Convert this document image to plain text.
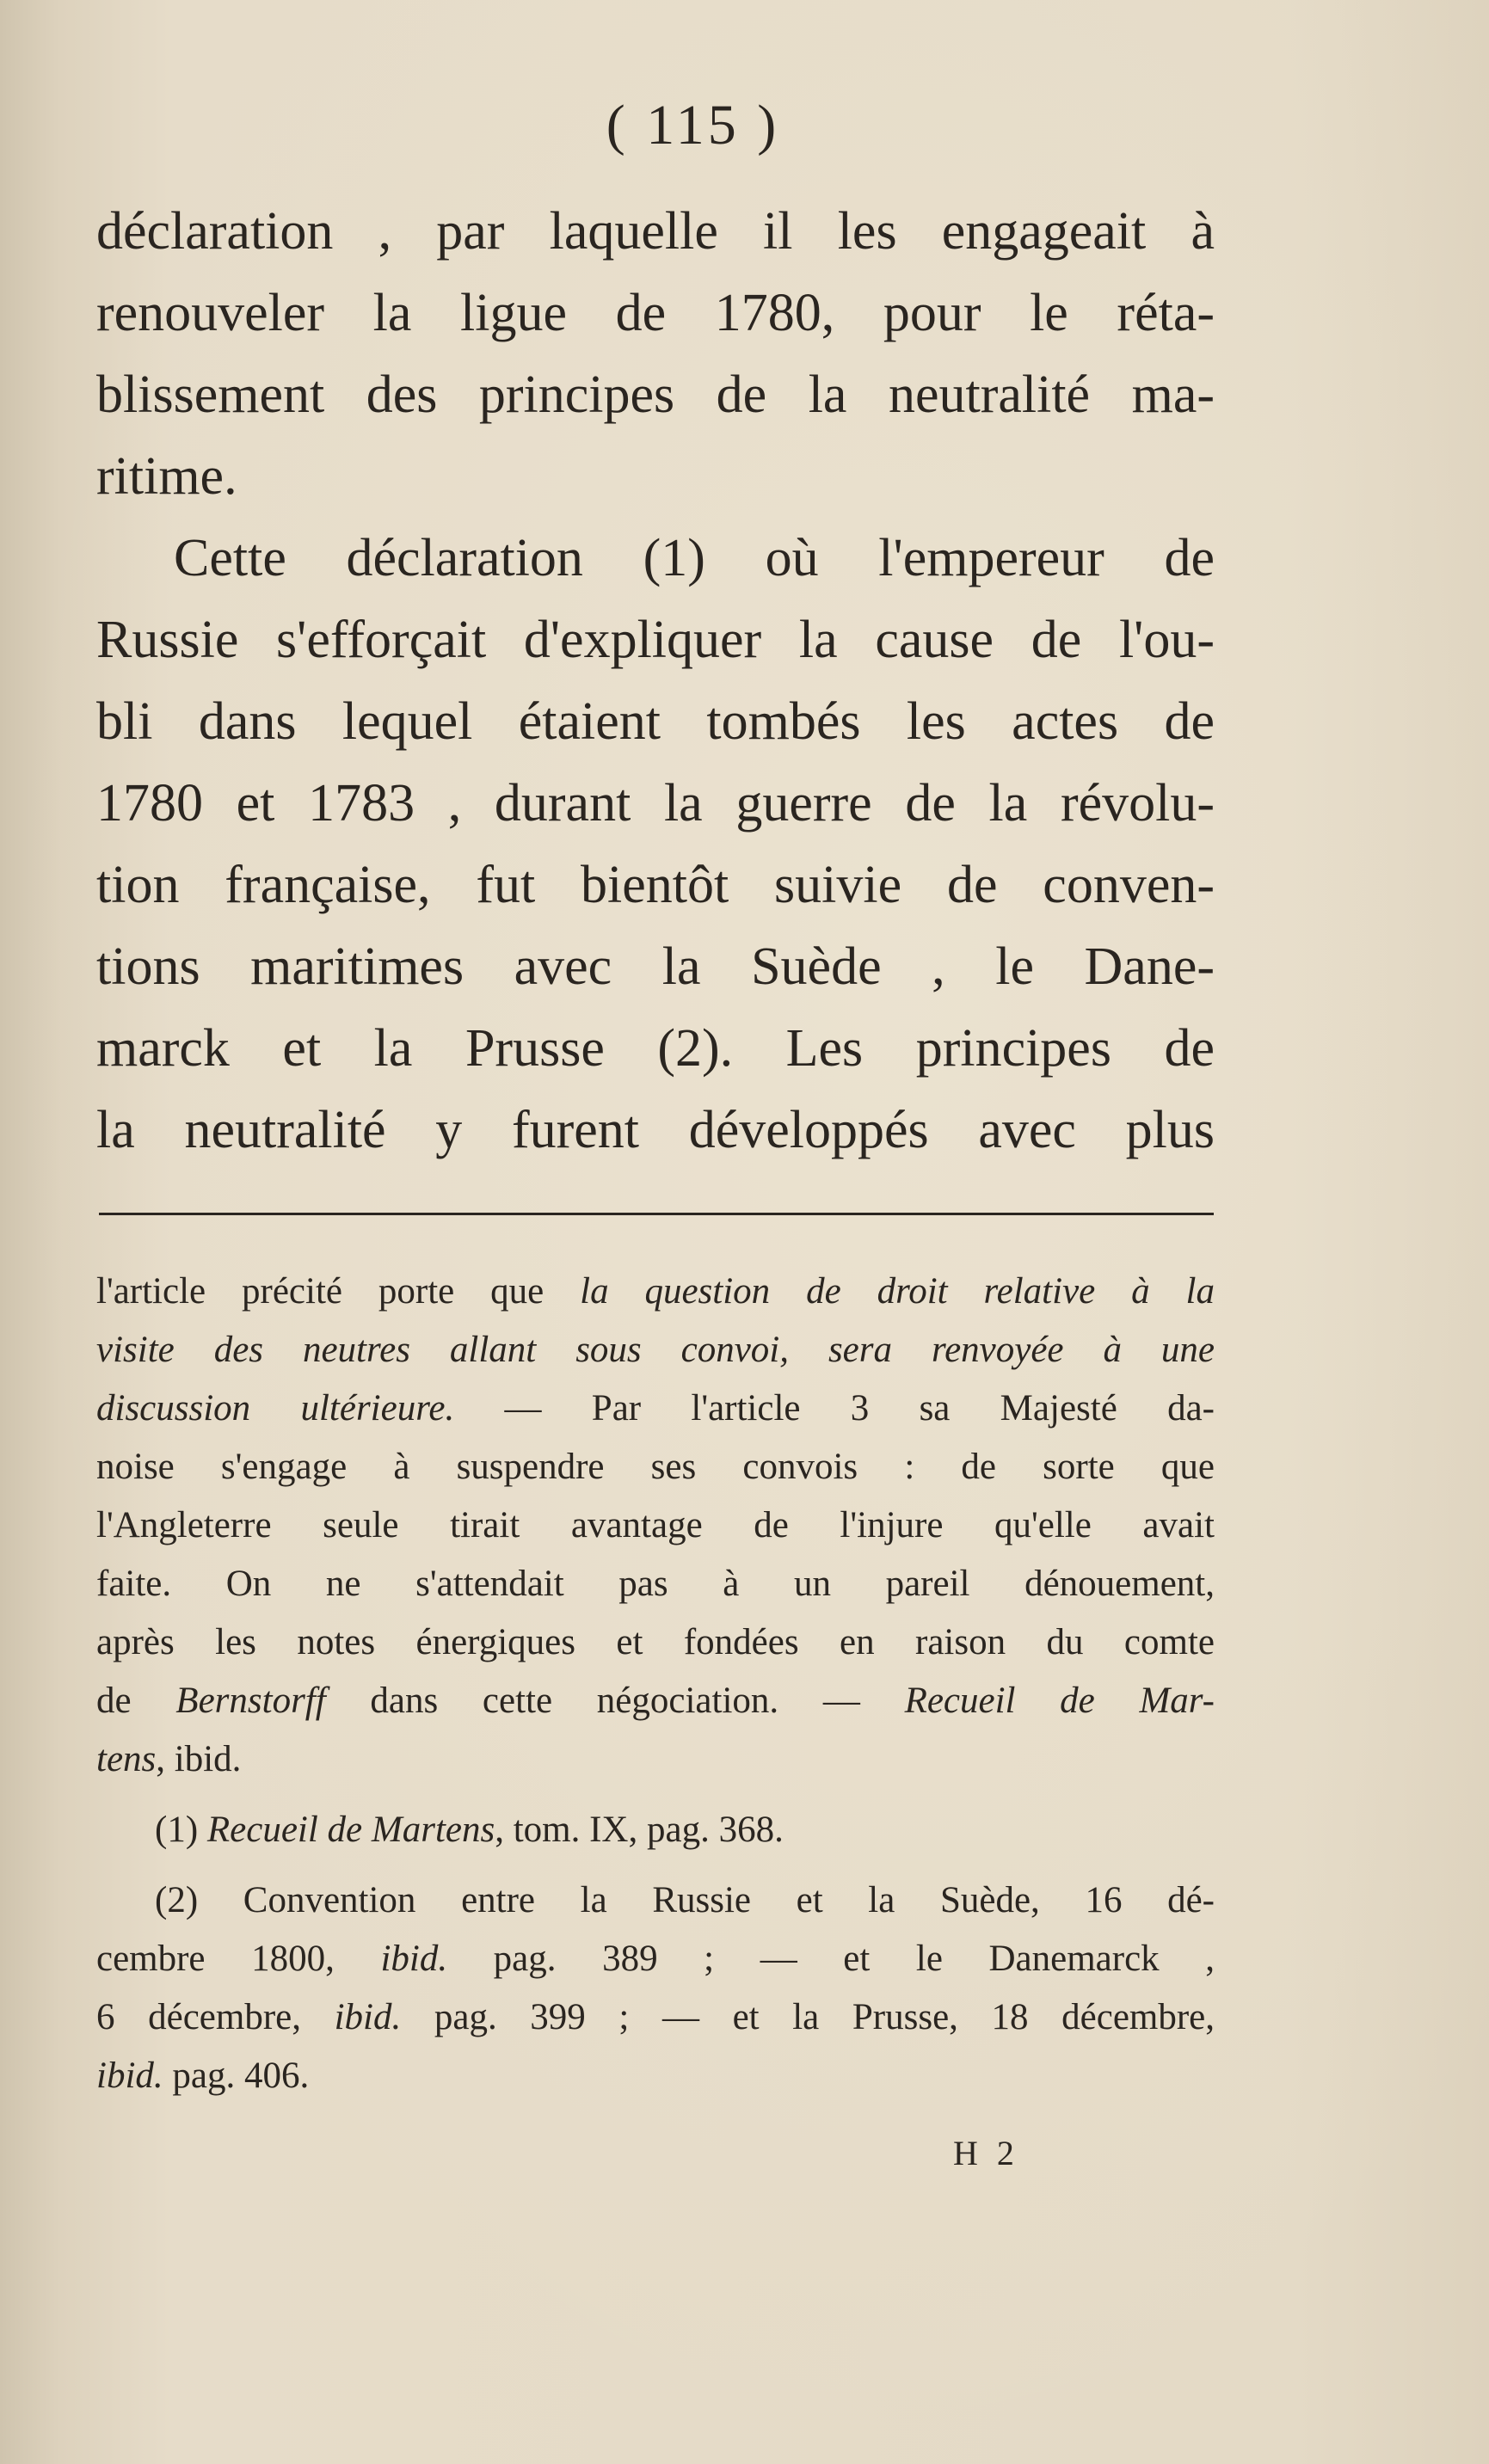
( 115 )
déclaration , par laquelle il les engageait à
renouveler la ligue de 1780, pour le réta-
blissement des principes de la neutralité ma-
ritime.
Cette déclaration (1) où l'empereur de
Russie s'efforçait d'expliquer la cause de l'ou-
bli dans lequel étaient tombés les actes de
1780 et 1783 , durant la guerre de la révolu-
tion française, fut bientôt suivie de conven-
tions maritimes avec la Suède , le Dane-
marck et la Prusse (2). Les principes de
la neutralité y furent développés avec plus
l'article précité porte que la question de droit relative à la
visite des neutres allant sous convoi, sera renvoyée à une
discussion ultérieure. — Par l'article 3 sa Majesté da-
noise s'engage à suspendre ses convois : de sorte que
l'Angleterre seule tirait avantage de l'injure qu'elle avait
faite. On ne s'attendait pas à un pareil dénouement,
après les notes énergiques et fondées en raison du comte
de Bernstorff dans cette négociation. — Recueil de Mar-
tens, ibid.
(1) Recueil de Martens, tom. IX, pag. 368.
(2) Convention entre la Russie et la Suède, 16 dé-
cembre 1800, ibid. pag. 389 ; — et le Danemarck ,
6 décembre, ibid. pag. 399 ; — et la Prusse, 18 décembre,
ibid. pag. 406.
H 2
